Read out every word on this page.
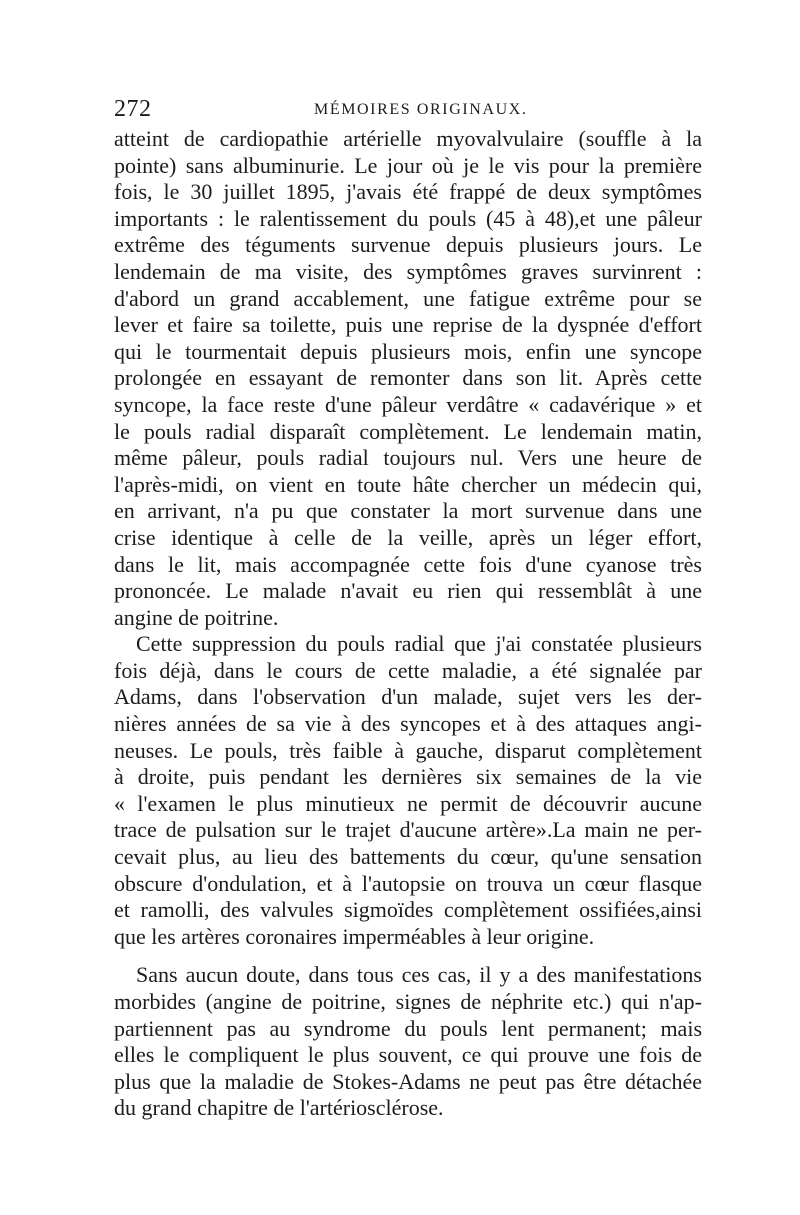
272	MÉMOIRES ORIGINAUX.
atteint de cardiopathie artérielle myovalvulaire (souffle à la
pointe) sans albuminurie. Le jour où je le vis pour la première
fois, le 30 juillet 1895, j'avais été frappé de deux symptômes
importants : le ralentissement du pouls (45 à 48),et une pâleur
extrême des téguments survenue depuis plusieurs jours. Le
lendemain de ma visite, des symptômes graves survinrent :
d'abord un grand accablement, une fatigue extrême pour se
lever et faire sa toilette, puis une reprise de la dyspnée d'effort
qui le tourmentait depuis plusieurs mois, enfin une syncope
prolongée en essayant de remonter dans son lit. Après cette
syncope, la face reste d'une pâleur verdâtre « cadavérique » et
le pouls radial disparaît complètement. Le lendemain matin,
même pâleur, pouls radial toujours nul. Vers une heure de
l'après-midi, on vient en toute hâte chercher un médecin qui,
en arrivant, n'a pu que constater la mort survenue dans une
crise identique à celle de la veille, après un léger effort,
dans le lit, mais accompagnée cette fois d'une cyanose très
prononcée. Le malade n'avait eu rien qui ressemblât à une
angine de poitrine.
Cette suppression du pouls radial que j'ai constatée plusieurs
fois déjà, dans le cours de cette maladie, a été signalée par
Adams, dans l'observation d'un malade, sujet vers les der-
nières années de sa vie à des syncopes et à des attaques angi-
neuses. Le pouls, très faible à gauche, disparut complètement
à droite, puis pendant les dernières six semaines de la vie
« l'examen le plus minutieux ne permit de découvrir aucune
trace de pulsation sur le trajet d'aucune artère».La main ne per-
cevait plus, au lieu des battements du cœur, qu'une sensation
obscure d'ondulation, et à l'autopsie on trouva un cœur flasque
et ramolli, des valvules sigmoïdes complètement ossifiées,ainsi
que les artères coronaires imperméables à leur origine.
Sans aucun doute, dans tous ces cas, il y a des manifestations
morbides (angine de poitrine, signes de néphrite etc.) qui n'ap-
partiennent pas au syndrome du pouls lent permanent; mais
elles le compliquent le plus souvent, ce qui prouve une fois de
plus que la maladie de Stokes-Adams ne peut pas être détachée
du grand chapitre de l'artériosclérose.
